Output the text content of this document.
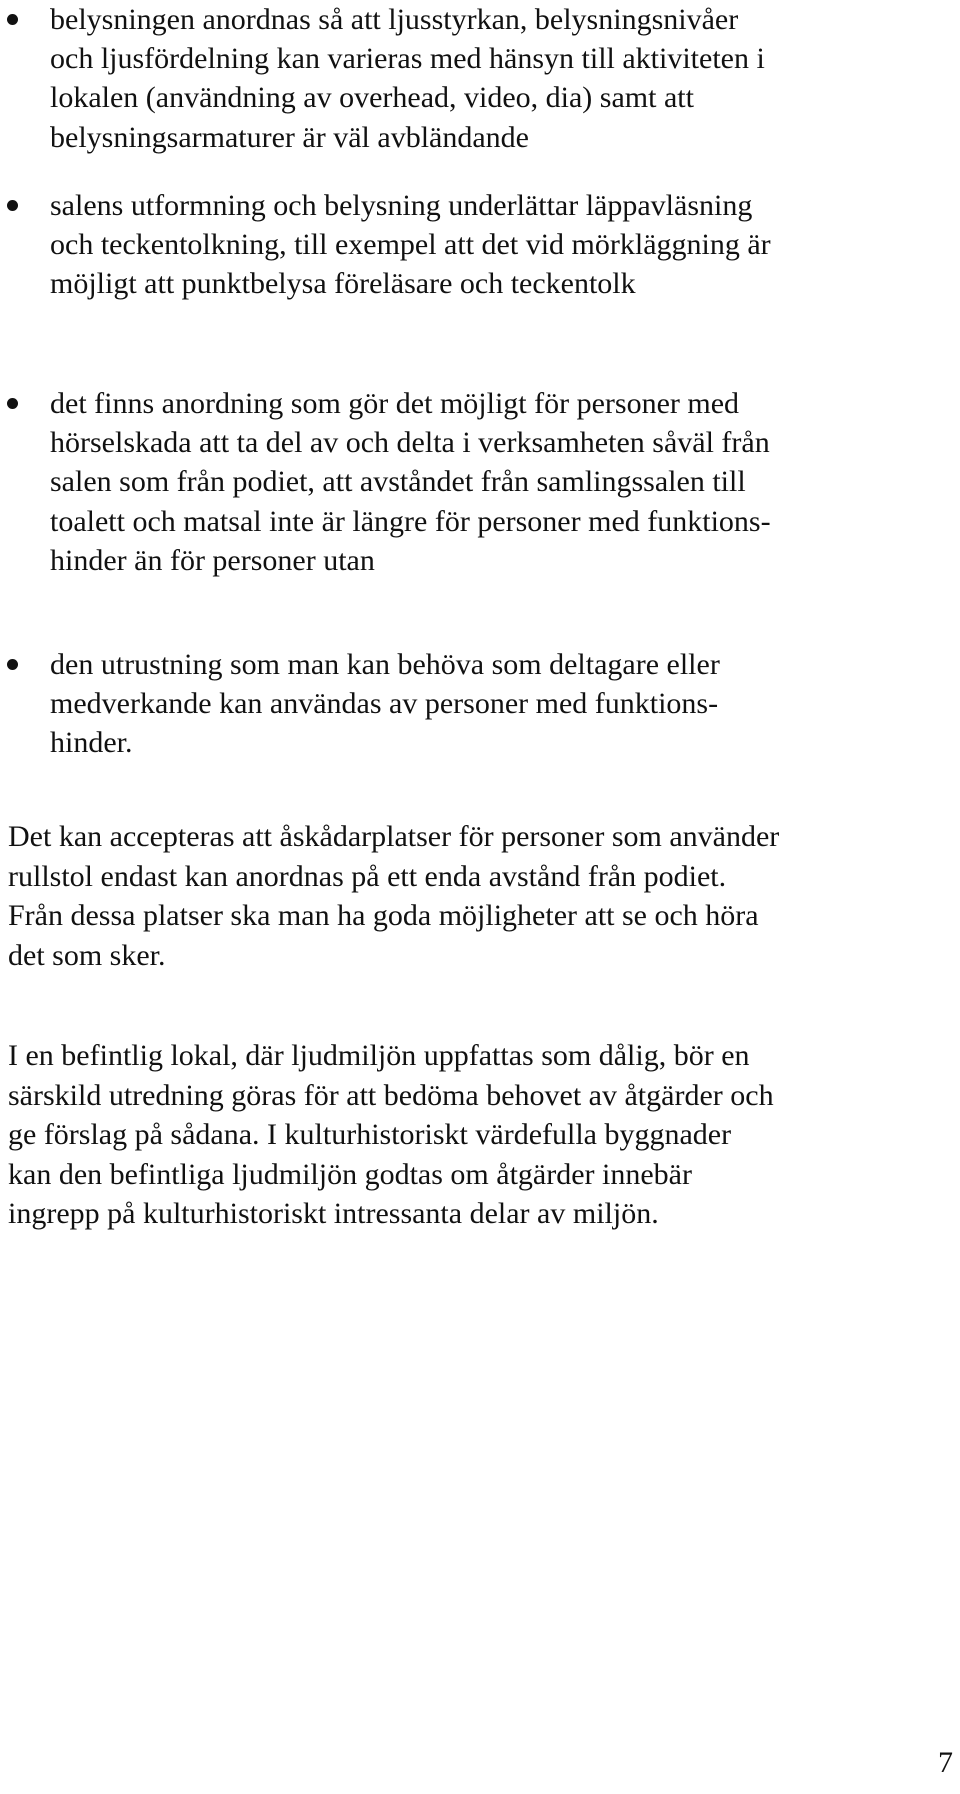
belysningen anordnas så att ljusstyrkan, belysningsnivåer
och ljusfördelning kan varieras med hänsyn till aktiviteten i
lokalen (användning av overhead, video, dia) samt att
belysningsarmaturer är väl avbländande

salens utformning och belysning underlättar läppavläsning
och teckentolkning, till exempel att det vid mörkläggning är
möjligt att punktbelysa föreläsare och teckentolk

det finns anordning som gör det möjligt för personer med
hörselskada att ta del av och delta i verksamheten såväl från
salen som från podiet, att avståndet från samlingssalen till
toalett och matsal inte är längre för personer med funktions-
hinder än för personer utan

den utrustning som man kan behöva som deltagare eller
medverkande kan användas av personer med funktions-
hinder.

Det kan accepteras att åskådarplatser för personer som använder
rullstol endast kan anordnas på ett enda avstånd från podiet.
Från dessa platser ska man ha goda möjligheter att se och höra
det som sker.

I en befintlig lokal, där ljudmiljön uppfattas som dålig, bör en
särskild utredning göras för att bedöma behovet av åtgärder och
ge förslag på sådana. I kulturhistoriskt värdefulla byggnader
kan den befintliga ljudmiljön godtas om åtgärder innebär
ingrepp på kulturhistoriskt intressanta delar av miljön.

7
